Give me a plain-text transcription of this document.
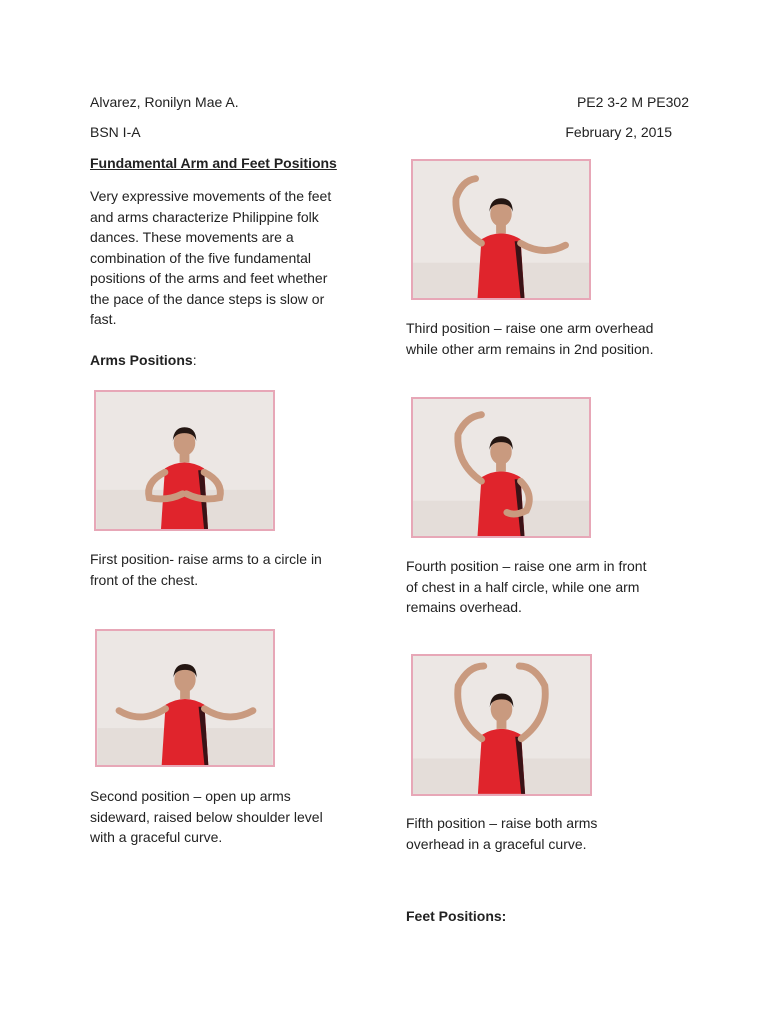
Alvarez, Ronilyn Mae A.	PE2 3-2 M PE302
BSN I-A	February 2, 2015
Fundamental Arm and Feet Positions
Very expressive movements of the feet
and arms characterize Philippine folk
dances. These movements are a
combination of the five fundamental
positions of the arms and feet whether
the pace of the dance steps is slow or
fast.
Arms Positions:
First position- raise arms to a circle in
front of the chest.
Second position – open up arms
sideward, raised below shoulder level
with a graceful curve.
Third position – raise one arm overhead
while other arm remains in 2nd position.
Fourth position – raise one arm in front
of chest in a half circle, while one arm
remains overhead.
Fifth position – raise both arms
overhead in a graceful curve.
Feet Positions:
